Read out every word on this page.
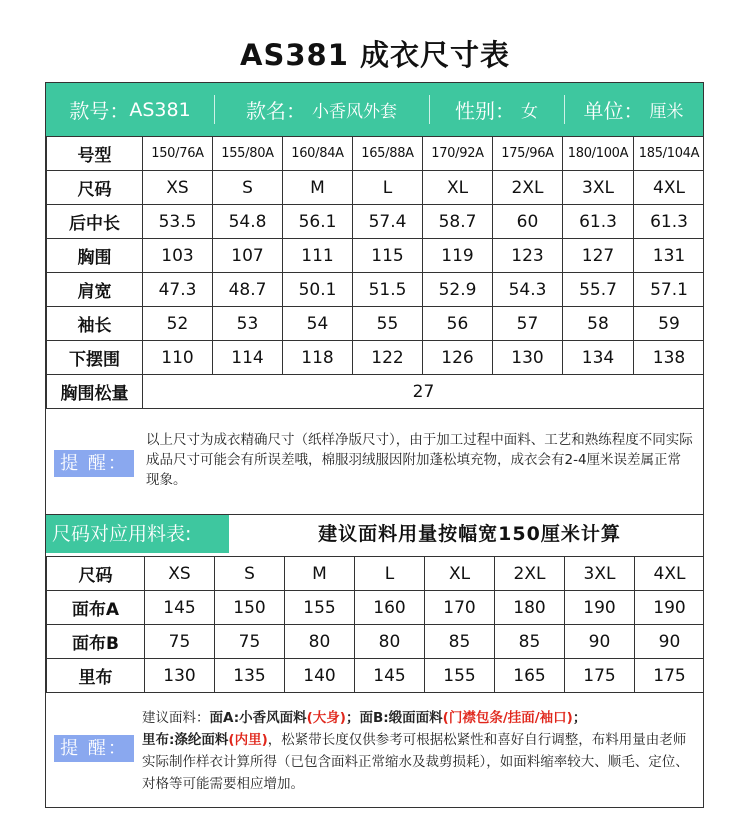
AS381 成衣尺寸表
款号： AS381	款名： 小香风外套	性别： 女 单位： 厘米
号型	150/76A	155/80A	160/84A	165/88A	170/92A	175/96A	180/100A	185/104A
尺码	XS	S	M	L	XL	2XL	3XL	4XL
后中长	53.5	54.8	56.1	57.4	58.7	60	61.3	61.3
胸围	103	107	111	115	119	123	127	131
肩宽	47.3	48.7	50.1	51.5	52.9	54.3	55.7	57.1
袖长	52	53	54	55	56	57	58	59
下摆围	110	114	118	122	126	130	134	138
胸围松量	27							
提 醒：
以上尺寸为成衣精确尺寸（纸样净版尺寸），由于加工过程中面料、工艺和熟练程度不同实际成品尺寸可能会有所误差哦，棉服羽绒服因附加蓬松填充物，成衣会有2-4厘米误差属正常现象。
尺码对应用料表:	建议面料用量按幅宽150厘米计算
尺码	XS	S	M	L	XL	2XL	3XL	4XL
面布A	145	150	155	160	170	180	190	190
面布B	75	75	80	80	85	85	90	90
里布	130	135	140	145	155	165	175	175
提 醒：
建议面料：面A:小香风面料(大身)；面B:缎面面料(门襟包条/挂面/袖口)；
里布:涤纶面料(内里)，松紧带长度仅供参考可根据松紧性和喜好自行调整，布料用量由老师实际制作样衣计算所得（已包含面料正常缩水及裁剪损耗），如面料缩率较大、顺毛、定位、对格等可能需要相应增加。
